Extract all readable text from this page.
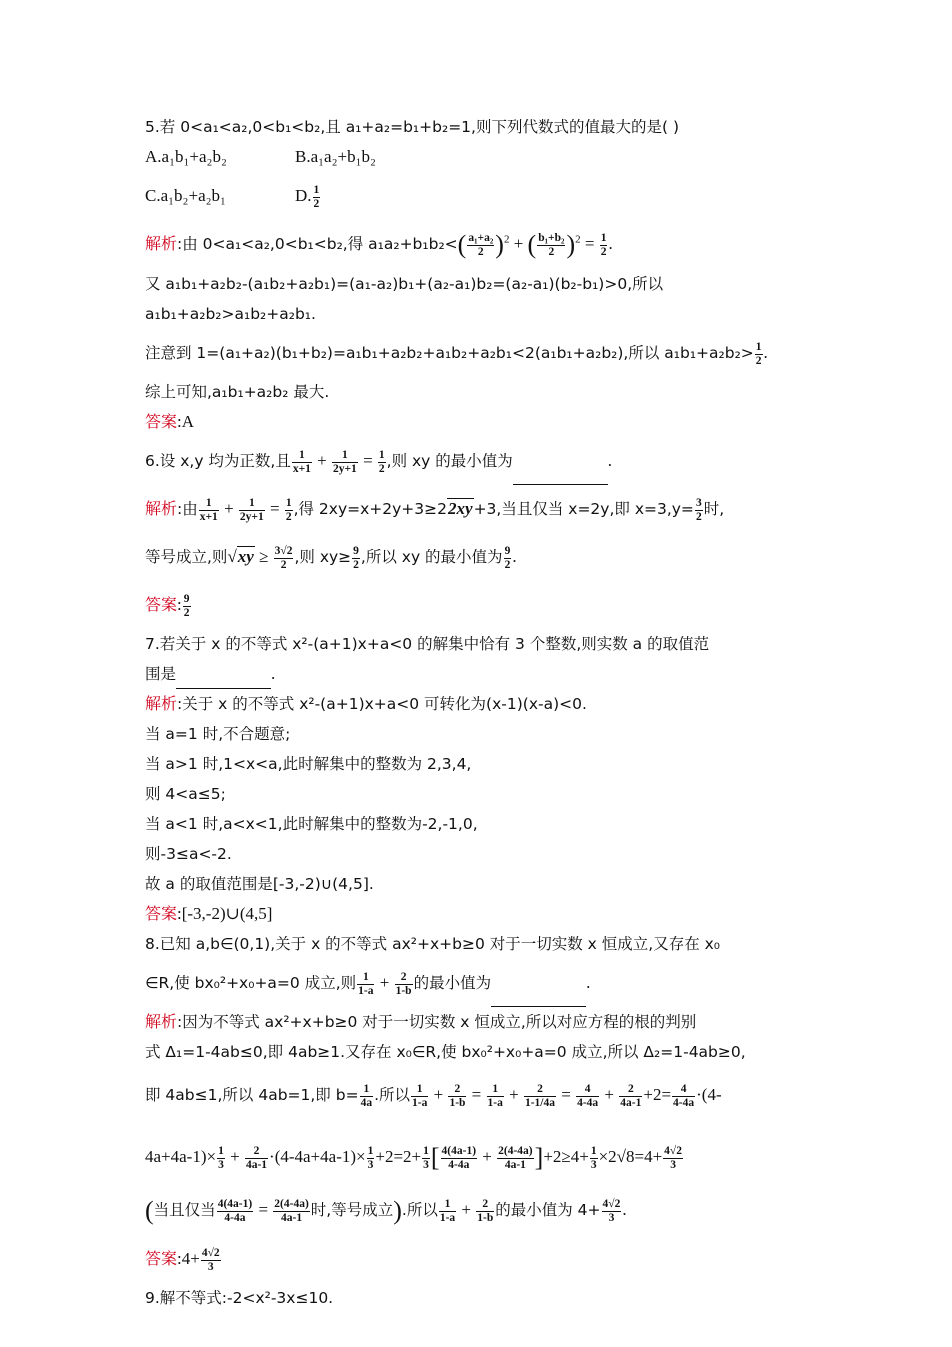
5.若 0<a₁<a₂,0<b₁<b₂,且 a₁+a₂=b₁+b₂=1,则下列代数式的值最大的是( )
A.a₁b₁+a₂b₂	B.a₁a₂+b₁b₂
C.a₁b₂+a₂b₁	D. $\frac{1}{2}$
解析:由 0<a₁<a₂,0<b₁<b₂,得 $a_1a_2+b_1b_2<( \frac{\text{a₁+a₂}}{2} )^2$ + ( $\frac{\text{b₁+b₂}}{2} )^2 = \frac{1}{2}$ .
又 a₁b₁+a₂b₂-(a₁b₂+a₂b₁)=(a₁-a₂)b₁+(a₂-a₁)b₂=(a₂-a₁)(b₂-b₁)>0,所以
a₁b₁+a₂b₂>a₁b₂+a₂b₁.
注意到 1=(a₁+a₂)(b₁+b₂)=a₁b₁+a₂b₂+a₁b₂+a₂b₁<2(a₁b₁+a₂b₂),所以 $a_1b_1+a_2b_2> \frac{1}{2}$ .
综上可知,a₁b₁+a₂b₂ 最大.
答案:A
6.设 x,y 均为正数,且 $\frac{1}{x+1} + \frac{1}{2y+1} = \frac{1}{2}$ ,则 xy 的最小值为	.
解析:由 $\frac{1}{x+1} + \frac{1}{2y+1} = \frac{1}{2}$ ,得 2xy=x+2y+3≥22xy+3,当且仅当 x=2y,即 $x=3,y= \frac{3}{2}$ 时,
等号成立,则$√xy \ge \frac{3√2}{2}$ ,则 $xy\ge \frac{9}{2}$ ,所以 xy 的最小值为 $\frac{9}{2}$ .
答案: $\frac{9}{2}$
7.若关于 x 的不等式 x²-(a+1)x+a<0 的解集中恰有 3 个整数,则实数 a 的取值范
围是	.
解析:关于 x 的不等式 x²-(a+1)x+a<0 可转化为(x-1)(x-a)<0.
当 a=1 时,不合题意;
当 a>1 时,1<x<a,此时解集中的整数为 2,3,4,
则 4<a≤5;
当 a<1 时,a<x<1,此时解集中的整数为-2,-1,0,
则-3≤a<-2.
故 a 的取值范围是[-3,-2)∪(4,5].
答案:[-3,-2)∪(4,5]
8.已知 a,b∈(0,1),关于 x 的不等式 ax²+x+b≥0 对于一切实数 x 恒成立,又存在 x₀
∈R,使 bx₀²+x₀+a=0 成立,则 $\frac{1}{1-a} + \frac{2}{1-b}$ 的最小值为	.
解析:因为不等式 ax²+x+b≥0 对于一切实数 x 恒成立,所以对应方程的根的判别
式 Δ₁=1-4ab≤0,即 4ab≥1.又存在 x₀∈R,使 bx₀²+x₀+a=0 成立,所以 Δ₂=1-4ab≥0,
即 4ab≤1,所以 4ab=1,即 $b= \frac{1}{4a}$ .所以 $\frac{1}{1-a} + \frac{2}{1-b} = \frac{1}{1-a} + \frac{2}{1-1/4a} = \frac{4}{4-4a} + \frac{2}{4a-1} +2= \frac{4}{4-4a} \cdot(4-$
$4a+4a-1)\times \frac{1}{3} + \frac{2}{4a-1} \cdot(4-4a+4a-1)\times \frac{1}{3} +2=2+ \frac{1}{3}$ [ $\frac{4(4a-1)}{4-4a} + \frac{2(4-4a)}{4a-1} ]+2\ge 4+ \frac{1}{3} \times 2√8=4+ \frac{4√2}{3}$
(当且仅当 $\frac{4(4a-1)}{4-4a} = \frac{2(4-4a)}{4a-1}$ 时,等号成立).所以 $\frac{1}{1-a} + \frac{2}{1-b}$ 的最小值为 $4+ \frac{4√2}{3}$ .
答案:4+ $\frac{4√2}{3}$
9.解不等式:-2<x²-3x≤10.
